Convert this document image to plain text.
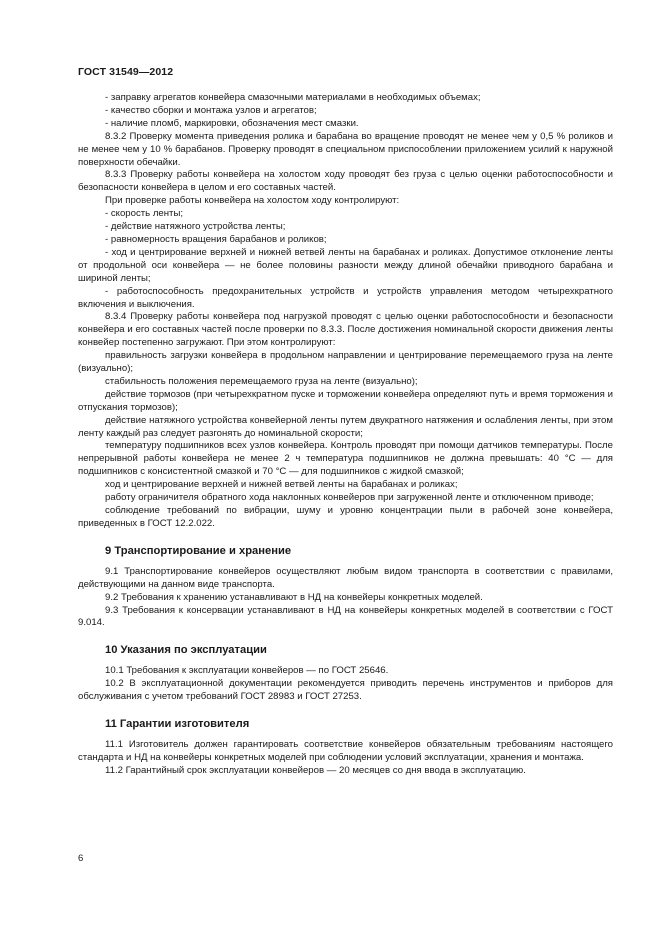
ГОСТ 31549—2012

- заправку агрегатов конвейера смазочными материалами в необходимых объемах;

- качество сборки и монтажа узлов и агрегатов;

- наличие пломб, маркировки, обозначения мест смазки.

8.3.2 Проверку момента приведения ролика и барабана во вращение проводят не менее чем у 0,5 % роликов и не менее чем у 10 % барабанов. Проверку проводят в специальном приспособлении приложением усилий к наружной поверхности обечайки.

8.3.3 Проверку работы конвейера на холостом ходу проводят без груза с целью оценки работоспособности и безопасности конвейера в целом и его составных частей.

При проверке работы конвейера на холостом ходу контролируют:

- скорость ленты;

- действие натяжного устройства ленты;

- равномерность вращения барабанов и роликов;

- ход и центрирование верхней и нижней ветвей ленты на барабанах и роликах. Допустимое отклонение ленты от продольной оси конвейера — не более половины разности между длиной обечайки приводного барабана и шириной ленты;

- работоспособность предохранительных устройств и устройств управления методом четырехкратного включения и выключения.

8.3.4 Проверку работы конвейера под нагрузкой проводят с целью оценки работоспособности и безопасности конвейера и его составных частей после проверки по 8.3.3. После достижения номинальной скорости движения ленты конвейер постепенно загружают. При этом контролируют:

правильность загрузки конвейера в продольном направлении и центрирование перемещаемого груза на ленте (визуально);

стабильность положения перемещаемого груза на ленте (визуально);

действие тормозов (при четырехкратном пуске и торможении конвейера определяют путь и время торможения и отпускания тормозов);

действие натяжного устройства конвейерной ленты путем двукратного натяжения и ослабления ленты, при этом ленту каждый раз следует разгонять до номинальной скорости;

температуру подшипников всех узлов конвейера. Контроль проводят при помощи датчиков температуры. После непрерывной работы конвейера не менее 2 ч температура подшипников не должна превышать: 40 °С — для подшипников с консистентной смазкой и 70 °С — для подшипников с жидкой смазкой;

ход и центрирование верхней и нижней ветвей ленты на барабанах и роликах;

работу ограничителя обратного хода наклонных конвейеров при загруженной ленте и отключенном приводе;

соблюдение требований по вибрации, шуму и уровню концентрации пыли в рабочей зоне конвейера, приведенных в ГОСТ 12.2.022.

9 Транспортирование и хранение

9.1 Транспортирование конвейеров осуществляют любым видом транспорта в соответствии с правилами, действующими на данном виде транспорта.

9.2 Требования к хранению устанавливают в НД на конвейеры конкретных моделей.

9.3 Требования к консервации устанавливают в НД на конвейеры конкретных моделей в соответствии с ГОСТ 9.014.

10 Указания по эксплуатации

10.1 Требования к эксплуатации конвейеров — по ГОСТ 25646.

10.2 В эксплуатационной документации рекомендуется приводить перечень инструментов и приборов для обслуживания с учетом требований ГОСТ 28983 и ГОСТ 27253.

11 Гарантии изготовителя

11.1 Изготовитель должен гарантировать соответствие конвейеров обязательным требованиям настоящего стандарта и НД на конвейеры конкретных моделей при соблюдении условий эксплуатации, хранения и монтажа.

11.2 Гарантийный срок эксплуатации конвейеров — 20 месяцев со дня ввода в эксплуатацию.

6
